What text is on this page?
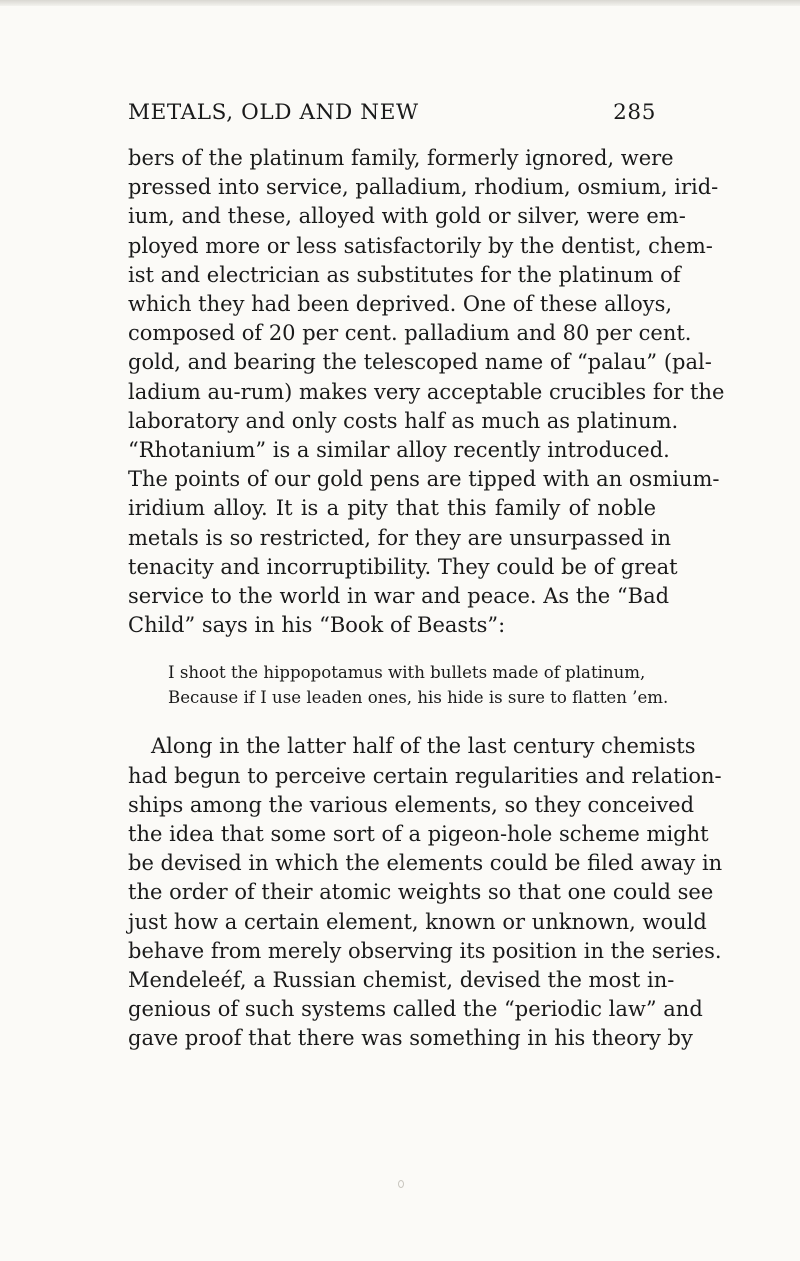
METALS, OLD AND NEW	285
bers of the platinum family, formerly ignored, were
pressed into service, palladium, rhodium, osmium, irid-
ium, and these, alloyed with gold or silver, were em-
ployed more or less satisfactorily by the dentist, chem-
ist and electrician as substitutes for the platinum of
which they had been deprived. One of these alloys,
composed of 20 per cent. palladium and 80 per cent.
gold, and bearing the telescoped name of “palau” (pal-
ladium au-rum) makes very acceptable crucibles for the
laboratory and only costs half as much as platinum.
“Rhotanium” is a similar alloy recently introduced.
The points of our gold pens are tipped with an osmium-
iridium alloy. It is a pity that this family of noble
metals is so restricted, for they are unsurpassed in
tenacity and incorruptibility. They could be of great
service to the world in war and peace. As the “Bad
Child” says in his “Book of Beasts”:
I shoot the hippopotamus with bullets made of platinum,
Because if I use leaden ones, his hide is sure to flatten ’em.
Along in the latter half of the last century chemists
had begun to perceive certain regularities and relation-
ships among the various elements, so they conceived
the idea that some sort of a pigeon-hole scheme might
be devised in which the elements could be filed away in
the order of their atomic weights so that one could see
just how a certain element, known or unknown, would
behave from merely observing its position in the series.
Mendeleéf, a Russian chemist, devised the most in-
genious of such systems called the “periodic law” and
gave proof that there was something in his theory by
